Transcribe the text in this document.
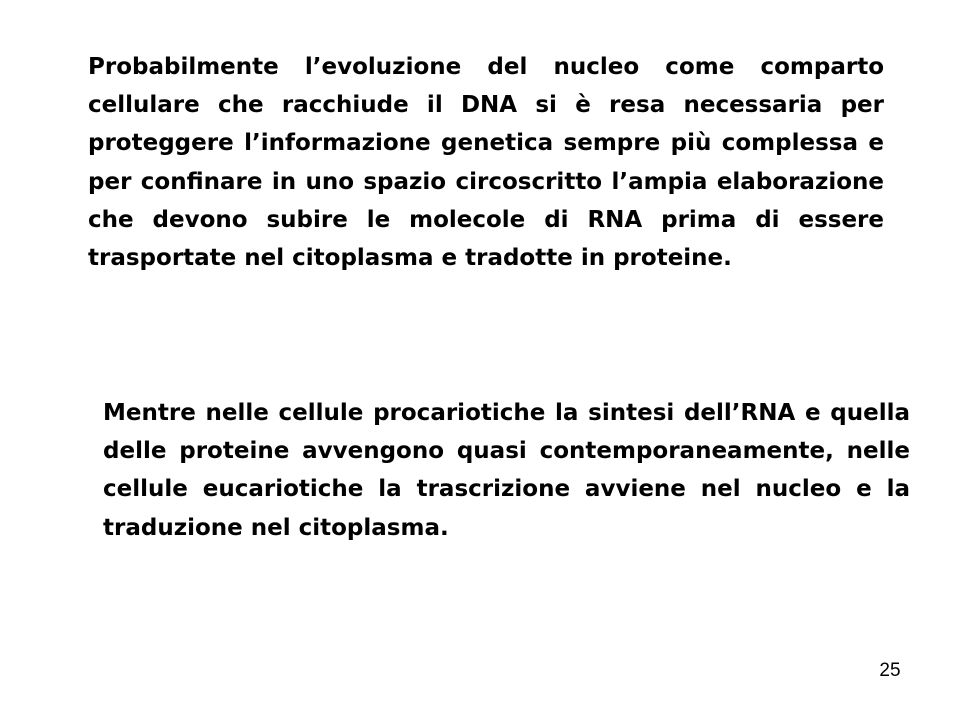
Probabilmente l’evoluzione del nucleo come comparto cellulare che racchiude il DNA si è resa necessaria per proteggere l’informazione genetica sempre più complessa e per confinare in uno spazio circoscritto l’ampia elaborazione che devono subire le molecole di RNA prima di essere trasportate nel citoplasma e tradotte in proteine.

Mentre nelle cellule procariotiche la sintesi dell’RNA e quella delle proteine avvengono quasi contemporaneamente, nelle cellule eucariotiche la trascrizione avviene nel nucleo e la traduzione nel citoplasma.

25
